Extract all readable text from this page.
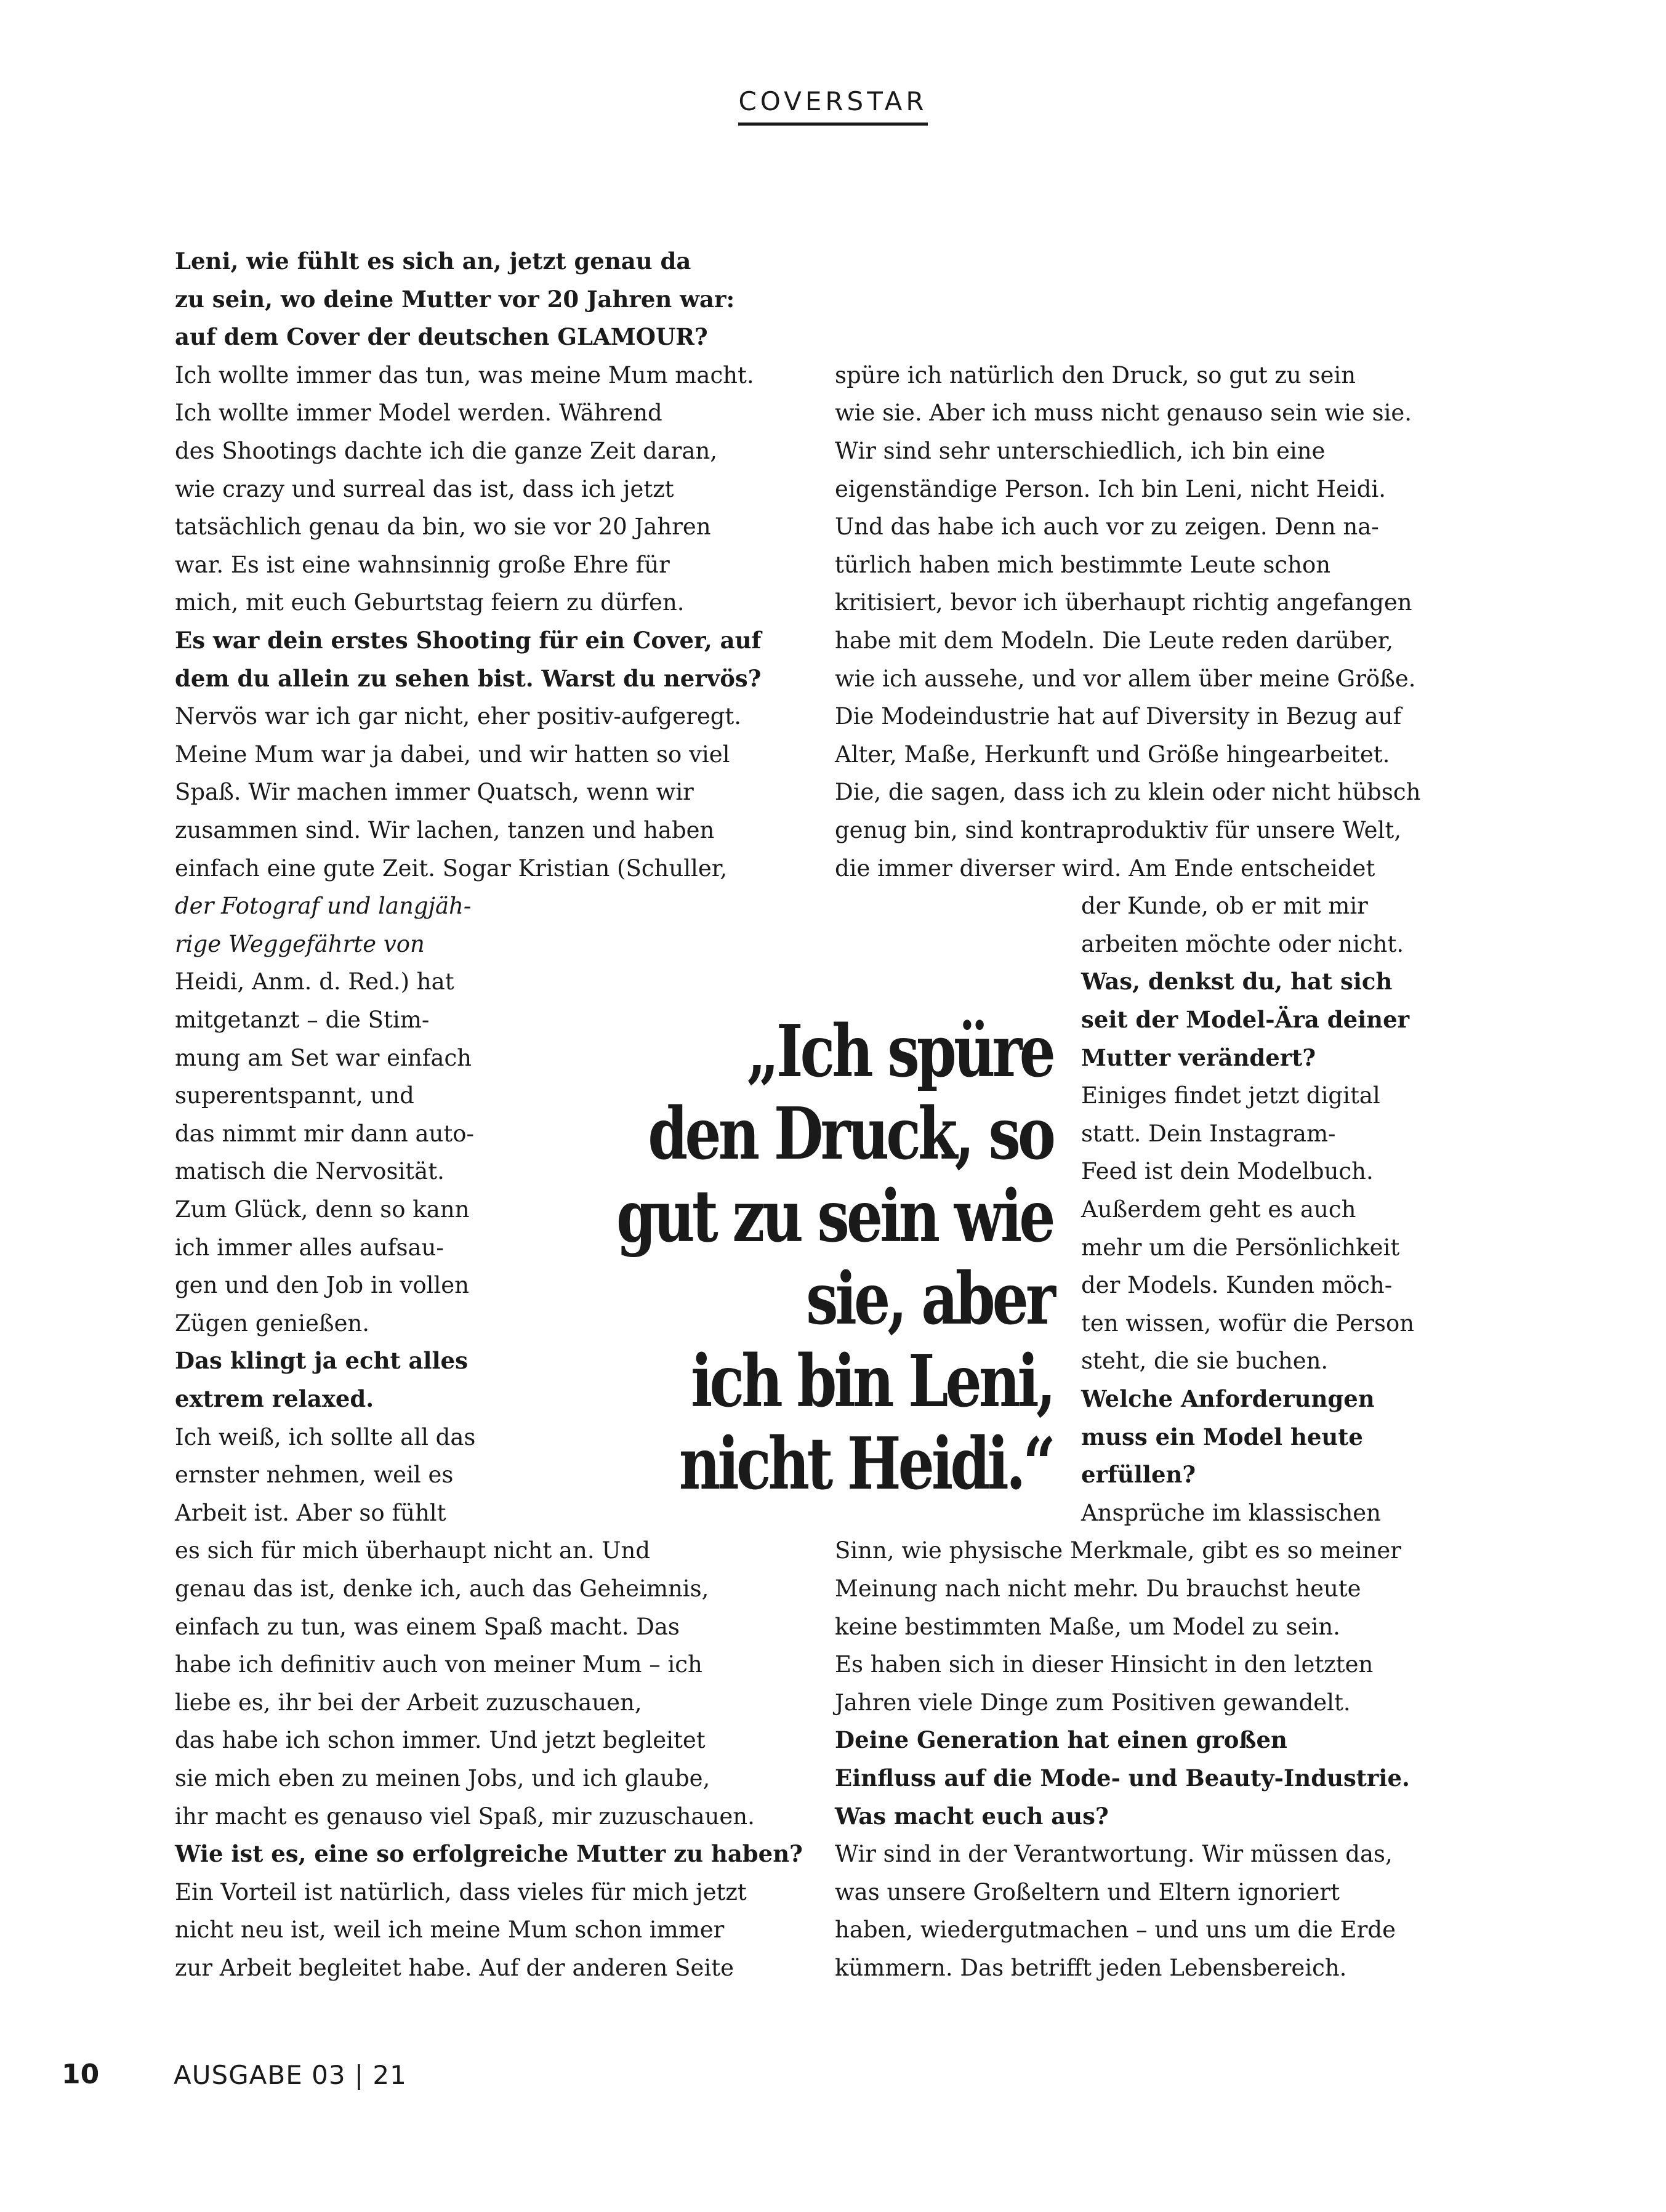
COVERSTAR
Leni, wie fühlt es sich an, jetzt genau da
zu sein, wo deine Mutter vor 20 Jahren war:
auf dem Cover der deutschen GLAMOUR?
Ich wollte immer das tun, was meine Mum macht.
Ich wollte immer Model werden. Während
des Shootings dachte ich die ganze Zeit daran,
wie crazy und surreal das ist, dass ich jetzt
tatsächlich genau da bin, wo sie vor 20 Jahren
war. Es ist eine wahnsinnig große Ehre für
mich, mit euch Geburtstag feiern zu dürfen.
Es war dein erstes Shooting für ein Cover, auf
dem du allein zu sehen bist. Warst du nervös?
Nervös war ich gar nicht, eher positiv-aufgeregt.
Meine Mum war ja dabei, und wir hatten so viel
Spaß. Wir machen immer Quatsch, wenn wir
zusammen sind. Wir lachen, tanzen und haben
einfach eine gute Zeit. Sogar Kristian (Schuller,
der Fotograf und langjäh-
rige Weggefährte von
Heidi, Anm. d. Red.) hat
mitgetanzt – die Stim-
mung am Set war einfach
superentspannt, und
das nimmt mir dann auto-
matisch die Nervosität.
Zum Glück, denn so kann
ich immer alles aufsau-
gen und den Job in vollen
Zügen genießen.
Das klingt ja echt alles
extrem relaxed.
Ich weiß, ich sollte all das
ernster nehmen, weil es
Arbeit ist. Aber so fühlt
es sich für mich überhaupt nicht an. Und
genau das ist, denke ich, auch das Geheimnis,
einfach zu tun, was einem Spaß macht. Das
habe ich definitiv auch von meiner Mum – ich
liebe es, ihr bei der Arbeit zuzuschauen,
das habe ich schon immer. Und jetzt begleitet
sie mich eben zu meinen Jobs, und ich glaube,
ihr macht es genauso viel Spaß, mir zuzuschauen.
Wie ist es, eine so erfolgreiche Mutter zu haben?
Ein Vorteil ist natürlich, dass vieles für mich jetzt
nicht neu ist, weil ich meine Mum schon immer
zur Arbeit begleitet habe. Auf der anderen Seite
spüre ich natürlich den Druck, so gut zu sein
wie sie. Aber ich muss nicht genauso sein wie sie.
Wir sind sehr unterschiedlich, ich bin eine
eigenständige Person. Ich bin Leni, nicht Heidi.
Und das habe ich auch vor zu zeigen. Denn na-
türlich haben mich bestimmte Leute schon
kritisiert, bevor ich überhaupt richtig angefangen
habe mit dem Modeln. Die Leute reden darüber,
wie ich aussehe, und vor allem über meine Größe.
Die Modeindustrie hat auf Diversity in Bezug auf
Alter, Maße, Herkunft und Größe hingearbeitet.
Die, die sagen, dass ich zu klein oder nicht hübsch
genug bin, sind kontraproduktiv für unsere Welt,
die immer diverser wird. Am Ende entscheidet
der Kunde, ob er mit mir
arbeiten möchte oder nicht.
Was, denkst du, hat sich
seit der Model-Ära deiner
Mutter verändert?
Einiges findet jetzt digital
statt. Dein Instagram-
Feed ist dein Modelbuch.
Außerdem geht es auch
mehr um die Persönlichkeit
der Models. Kunden möch-
ten wissen, wofür die Person
steht, die sie buchen.
Welche Anforderungen
muss ein Model heute
erfüllen?
Ansprüche im klassischen
Sinn, wie physische Merkmale, gibt es so meiner
Meinung nach nicht mehr. Du brauchst heute
keine bestimmten Maße, um Model zu sein.
Es haben sich in dieser Hinsicht in den letzten
Jahren viele Dinge zum Positiven gewandelt.
Deine Generation hat einen großen
Einfluss auf die Mode- und Beauty-Industrie.
Was macht euch aus?
Wir sind in der Verantwortung. Wir müssen das,
was unsere Großeltern und Eltern ignoriert
haben, wiedergutmachen – und uns um die Erde
kümmern. Das betrifft jeden Lebensbereich.
„Ich spüre
den Druck, so
gut zu sein wie
sie, aber
ich bin Leni,
nicht Heidi.“
10	AUSGABE 03 | 21
